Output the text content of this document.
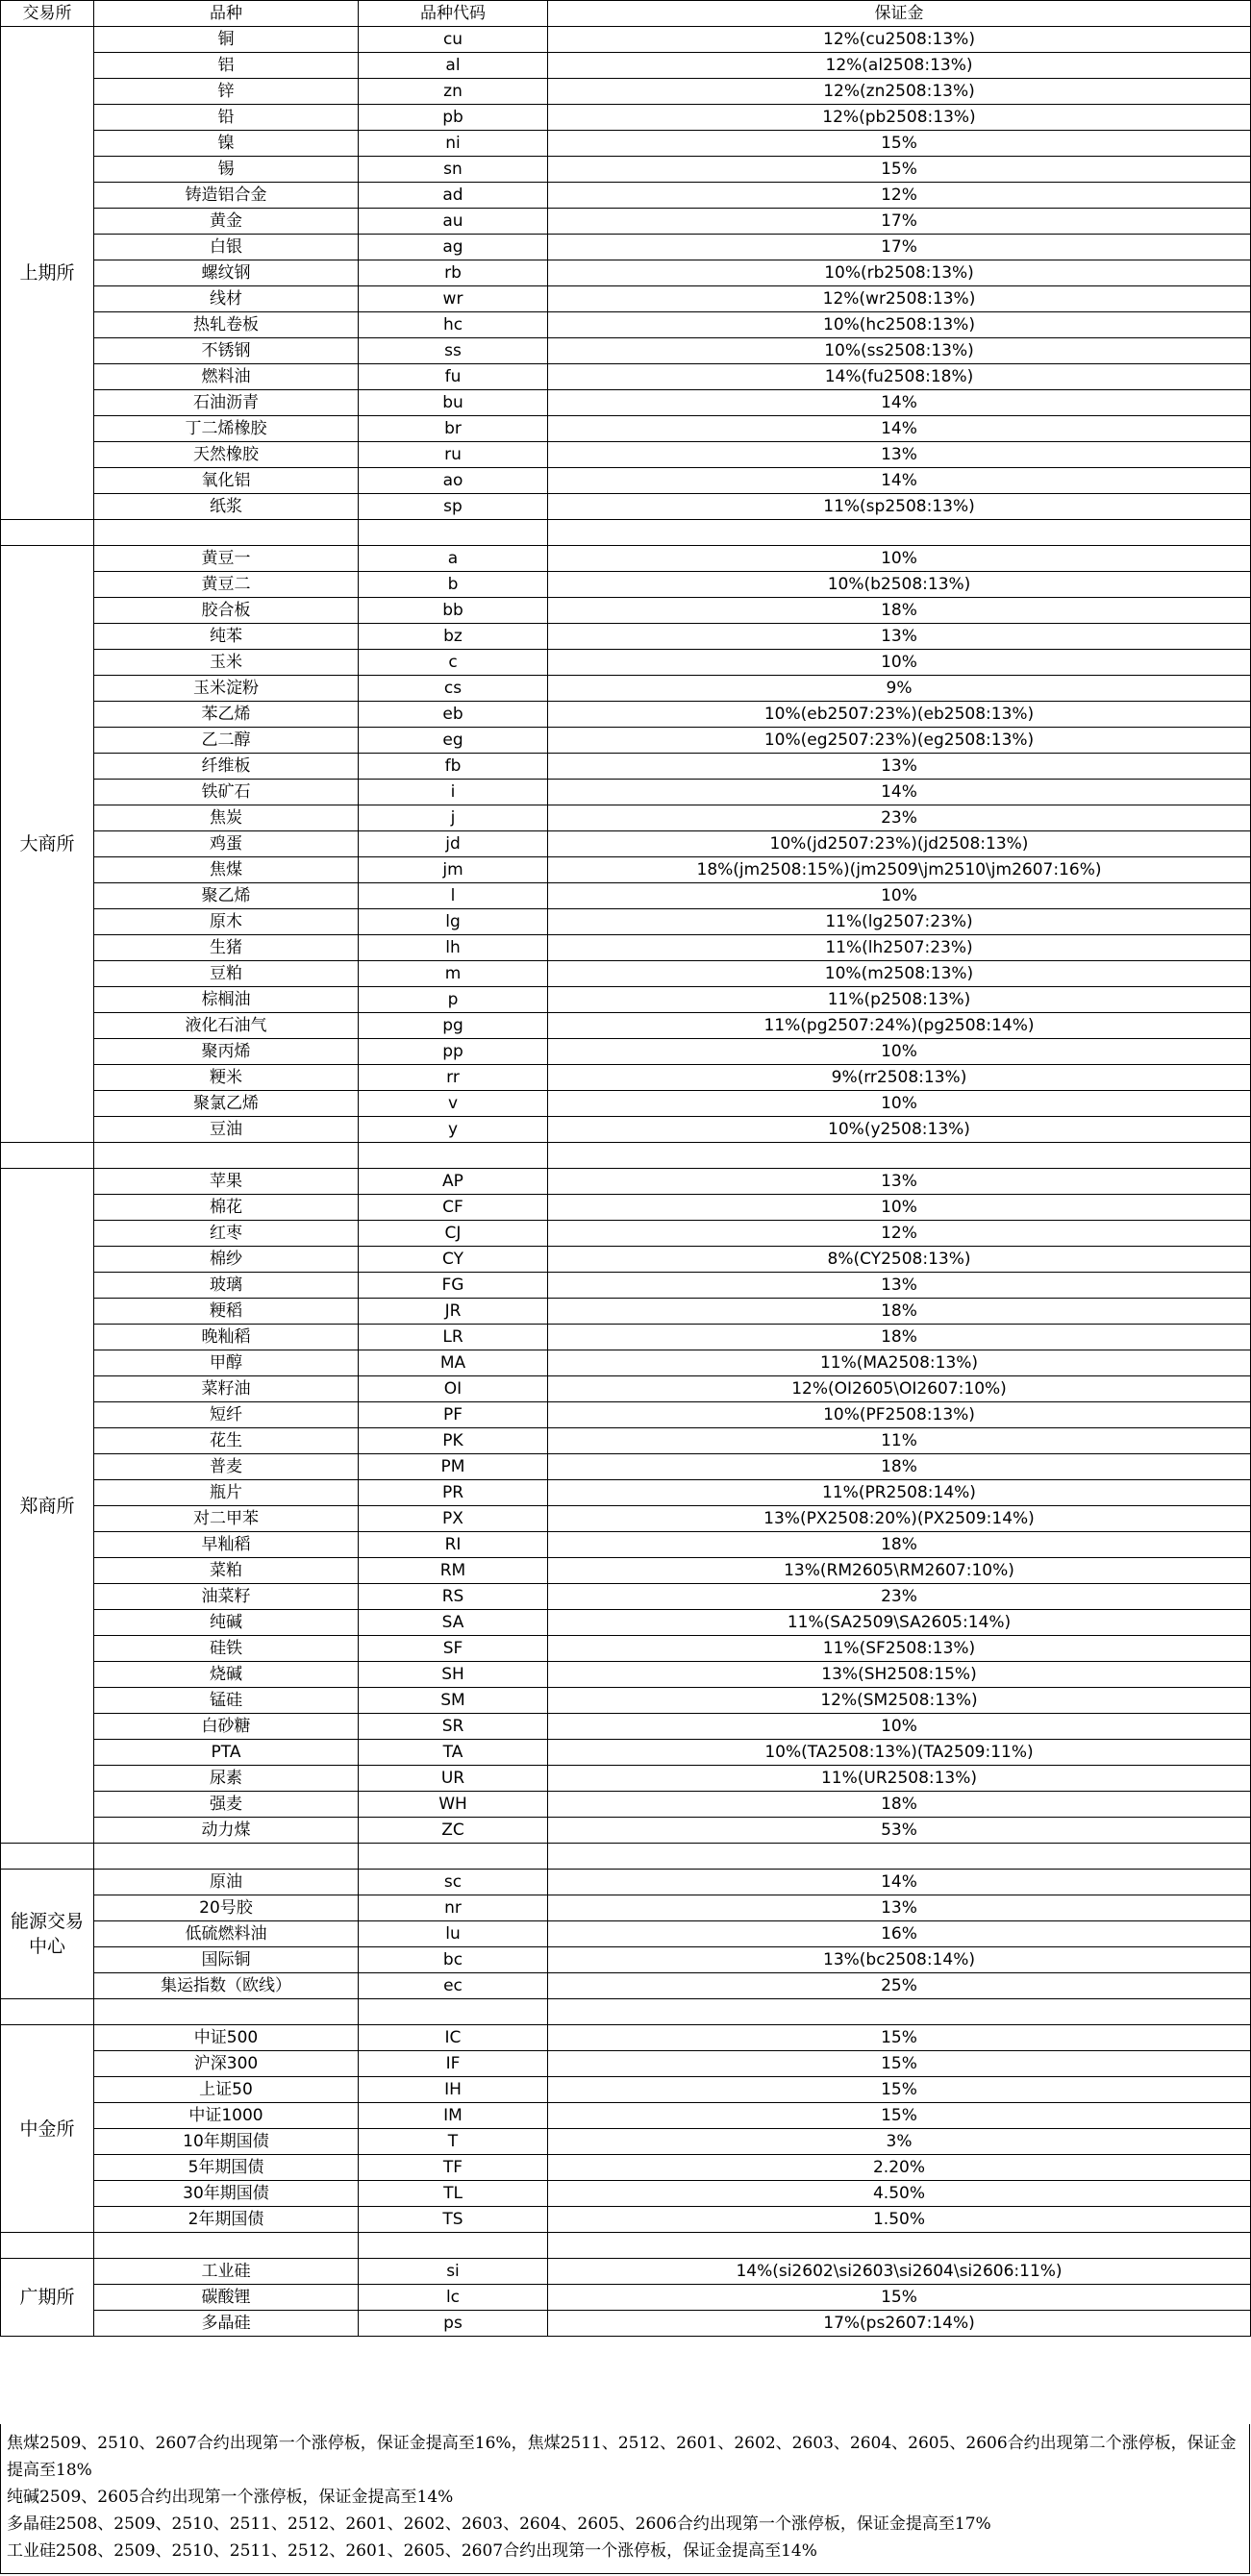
交易所	品种	品种代码	保证金
上期所	铜	cu	12%(cu2508:13%)
	铝	al	12%(al2508:13%)
	锌	zn	12%(zn2508:13%)
	铅	pb	12%(pb2508:13%)
	镍	ni	15%
	锡	sn	15%
	铸造铝合金	ad	12%
	黄金	au	17%
	白银	ag	17%
	螺纹钢	rb	10%(rb2508:13%)
	线材	wr	12%(wr2508:13%)
	热轧卷板	hc	10%(hc2508:13%)
	不锈钢	ss	10%(ss2508:13%)
	燃料油	fu	14%(fu2508:18%)
	石油沥青	bu	14%
	丁二烯橡胶	br	14%
	天然橡胶	ru	13%
	氧化铝	ao	14%
	纸浆	sp	11%(sp2508:13%)

大商所	黄豆一	a	10%
	黄豆二	b	10%(b2508:13%)
	胶合板	bb	18%
	纯苯	bz	13%
	玉米	c	10%
	玉米淀粉	cs	9%
	苯乙烯	eb	10%(eb2507:23%)(eb2508:13%)
	乙二醇	eg	10%(eg2507:23%)(eg2508:13%)
	纤维板	fb	13%
	铁矿石	i	14%
	焦炭	j	23%
	鸡蛋	jd	10%(jd2507:23%)(jd2508:13%)
	焦煤	jm	18%(jm2508:15%)(jm2509\jm2510\jm2607:16%)
	聚乙烯	l	10%
	原木	lg	11%(lg2507:23%)
	生猪	lh	11%(lh2507:23%)
	豆粕	m	10%(m2508:13%)
	棕榈油	p	11%(p2508:13%)
	液化石油气	pg	11%(pg2507:24%)(pg2508:14%)
	聚丙烯	pp	10%
	粳米	rr	9%(rr2508:13%)
	聚氯乙烯	v	10%
	豆油	y	10%(y2508:13%)

郑商所	苹果	AP	13%
	棉花	CF	10%
	红枣	CJ	12%
	棉纱	CY	8%(CY2508:13%)
	玻璃	FG	13%
	粳稻	JR	18%
	晚籼稻	LR	18%
	甲醇	MA	11%(MA2508:13%)
	菜籽油	OI	12%(OI2605\OI2607:10%)
	短纤	PF	10%(PF2508:13%)
	花生	PK	11%
	普麦	PM	18%
	瓶片	PR	11%(PR2508:14%)
	对二甲苯	PX	13%(PX2508:20%)(PX2509:14%)
	早籼稻	RI	18%
	菜粕	RM	13%(RM2605\RM2607:10%)
	油菜籽	RS	23%
	纯碱	SA	11%(SA2509\SA2605:14%)
	硅铁	SF	11%(SF2508:13%)
	烧碱	SH	13%(SH2508:15%)
	锰硅	SM	12%(SM2508:13%)
	白砂糖	SR	10%
	PTA	TA	10%(TA2508:13%)(TA2509:11%)
	尿素	UR	11%(UR2508:13%)
	强麦	WH	18%
	动力煤	ZC	53%

能源交易中心	原油	sc	14%
	20号胶	nr	13%
	低硫燃料油	lu	16%
	国际铜	bc	13%(bc2508:14%)
	集运指数（欧线）	ec	25%

中金所	中证500	IC	15%
	沪深300	IF	15%
	上证50	IH	15%
	中证1000	IM	15%
	10年期国债	T	3%
	5年期国债	TF	2.20%
	30年期国债	TL	4.50%
	2年期国债	TS	1.50%

广期所	工业硅	si	14%(si2602\si2603\si2604\si2606:11%)
	碳酸锂	lc	15%
	多晶硅	ps	17%(ps2607:14%)
焦煤2509、2510、2607合约出现第一个涨停板，保证金提高至16%，焦煤2511、2512、2601、2602、2603、2604、2605、2606合约出现第二个涨停板，保证金提高至18%
纯碱2509、2605合约出现第一个涨停板，保证金提高至14%
多晶硅2508、2509、2510、2511、2512、2601、2602、2603、2604、2605、2606合约出现第一个涨停板，保证金提高至17%
工业硅2508、2509、2510、2511、2512、2601、2605、2607合约出现第一个涨停板，保证金提高至14%
